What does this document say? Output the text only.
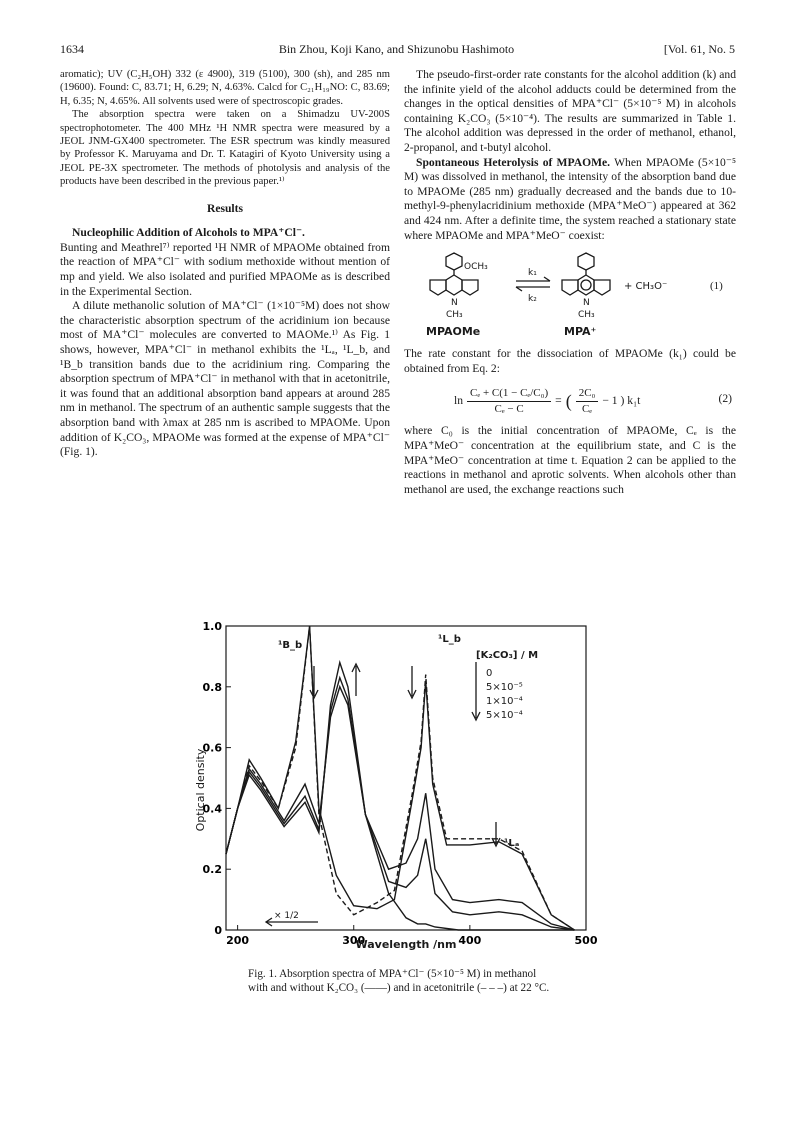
1634	Bin Zhou, Koji Kano, and Shizunobu Hashimoto	[Vol. 61, No. 5

aromatic); UV (C₂H₅OH) 332 (ε 4900), 319 (5100), 300 (sh), and 285 nm (19600). Found: C, 83.71; H, 6.29; N, 4.63%. Calcd for C₂₁H₁₉NO: C, 83.69; H, 6.35; N, 4.65%. All solvents used were of spectroscopic grades.

The absorption spectra were taken on a Shimadzu UV-200S spectrophotometer. The 400 MHz ¹H NMR spectra were measured by a JEOL JNM-GX400 spectrometer. The ESR spectrum was kindly measured by Professor K. Maruyama and Dr. T. Katagiri of Kyoto University using a JEOL PE-3X spectrometer. The methods of photolysis and analysis of the products have been described in the previous paper.¹⁾

Results

Nucleophilic Addition of Alcohols to MPA⁺Cl⁻.

Bunting and Meathrel⁷⁾ reported ¹H NMR of MPAOMe obtained from the reaction of MPA⁺Cl⁻ with sodium methoxide without mention of mp and yield. We also isolated and purified MPAOMe as is described in the Experimental Section.

A dilute methanolic solution of MA⁺Cl⁻ (1×10⁻⁵M) does not show the characteristic absorption spectrum of the acridinium ion because most of MA⁺Cl⁻ molecules are converted to MAOMe.¹⁾ As Fig. 1 shows, however, MPA⁺Cl⁻ in methanol exhibits the ¹Lₐ, ¹L_b, and ¹B_b transition bands due to the acridinium ring. Comparing the absorption spectrum of MPA⁺Cl⁻ in methanol with that in acetonitrile, it was found that an additional absorption band appears at around 285 nm in methanol. The spectrum of an authentic sample suggests that the absorption band with λmax at 285 nm is ascribed to MPAOMe. Upon addition of K₂CO₃, MPAOMe was formed at the expense of MPA⁺Cl⁻ (Fig. 1).

The pseudo-first-order rate constants for the alcohol addition (k) and the infinite yield of the alcohol adducts could be determined from the changes in the optical densities of MPA⁺Cl⁻ (5×10⁻⁵ M) in alcohols containing K₂CO₃ (5×10⁻⁴). The results are summarized in Table 1. The alcohol addition was depressed in the order of methanol, ethanol, 2-propanol, and t-butyl alcohol.

Spontaneous Heterolysis of MPAOMe. When MPAOMe (5×10⁻⁵ M) was dissolved in methanol, the intensity of the absorption band due to MPAOMe (285 nm) gradually decreased and the bands due to 10-methyl-9-phenylacridinium methoxide (MPA⁺MeO⁻) appeared at 362 and 424 nm. After a definite time, the system reached a stationary state where MPAOMe and MPA⁺MeO⁻ coexist:

OCH₃
k₁
k₂
N
CH₃
N
CH₃
+ CH₃O⁻
MPAOMe	MPA⁺
(1)

The rate constant for the dissociation of MPAOMe (k₁) could be obtained from Eq. 2:

$\ln \frac{\text{Cₑ + C(1 − Cₑ/C₀)}}{\text{Cₑ − C}}$ = ( $\frac{\text{2C₀}}{\text{Cₑ}} - 1$ ) k₁t	(2)

where C₀ is the initial concentration of MPAOMe, Cₑ is the MPA⁺MeO⁻ concentration at the equilibrium state, and C is the MPA⁺MeO⁻ concentration at time t. Equation 2 can be applied to the reactions in methanol and aprotic solvents. When alcohols other than methanol are used, the exchange reactions such

200	300	400	500
0
0.2
0.4
0.6
0.8
1.0
Optical density
Wavelength /nm
[K₂CO₃] / M
0
5×10⁻⁵
1×10⁻⁴
5×10⁻⁴
¹B_b
¹L_b
¹Lₐ
× 1/2
Fig. 1. Absorption spectra of MPA⁺Cl⁻ (5×10⁻⁵ M) in methanol with and without K₂CO₃ (——) and in acetonitrile (– – –) at 22 °C.
